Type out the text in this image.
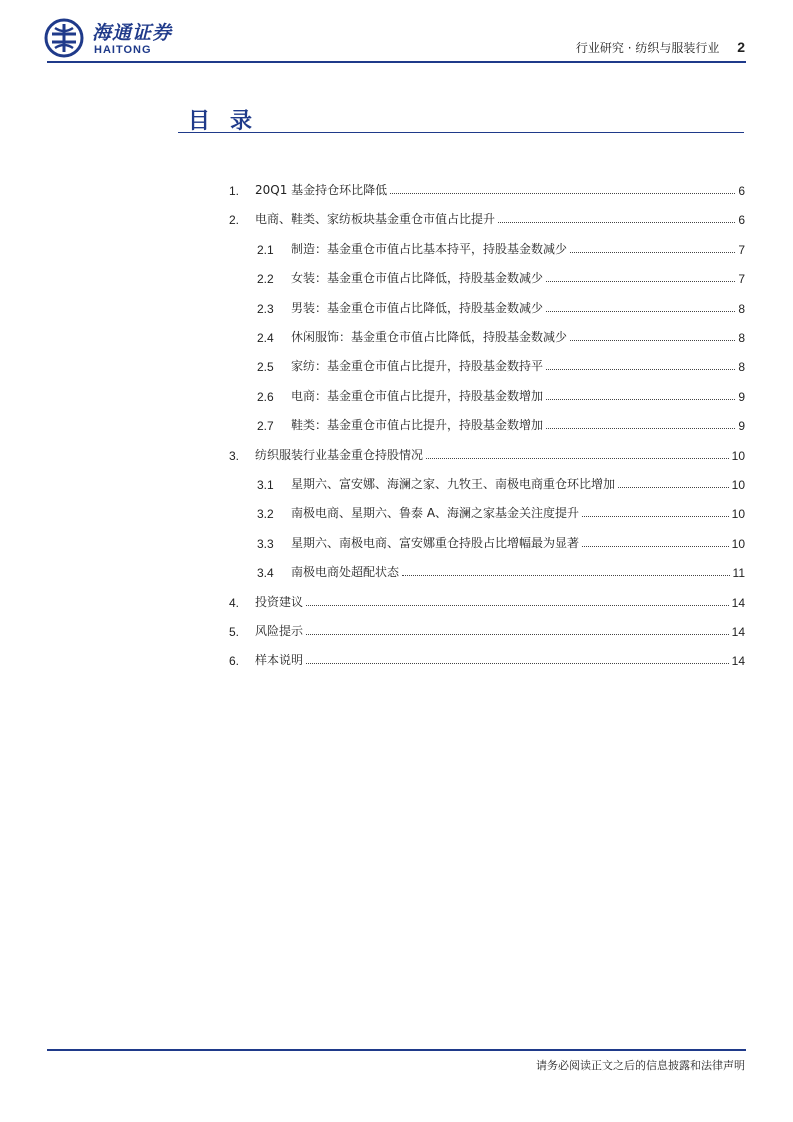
海通证券
HAITONG	行业研究 · 纺织与服装行业 2
目录
1.	20Q1 基金持仓环比降低	6
2.	电商、鞋类、家纺板块基金重仓市值占比提升	6
2.1	制造：基金重仓市值占比基本持平，持股基金数减少	7
2.2	女装：基金重仓市值占比降低，持股基金数减少	7
2.3	男装：基金重仓市值占比降低，持股基金数减少	8
2.4	休闲服饰：基金重仓市值占比降低，持股基金数减少	8
2.5	家纺：基金重仓市值占比提升，持股基金数持平	8
2.6	电商：基金重仓市值占比提升，持股基金数增加	9
2.7	鞋类：基金重仓市值占比提升，持股基金数增加	9
3.	纺织服装行业基金重仓持股情况	10
3.1	星期六、富安娜、海澜之家、九牧王、南极电商重仓环比增加	10
3.2	南极电商、星期六、鲁泰 A、海澜之家基金关注度提升	10
3.3	星期六、南极电商、富安娜重仓持股占比增幅最为显著	10
3.4	南极电商处超配状态	11
4.	投资建议	14
5.	风险提示	14
6.	样本说明	14
请务必阅读正文之后的信息披露和法律声明
